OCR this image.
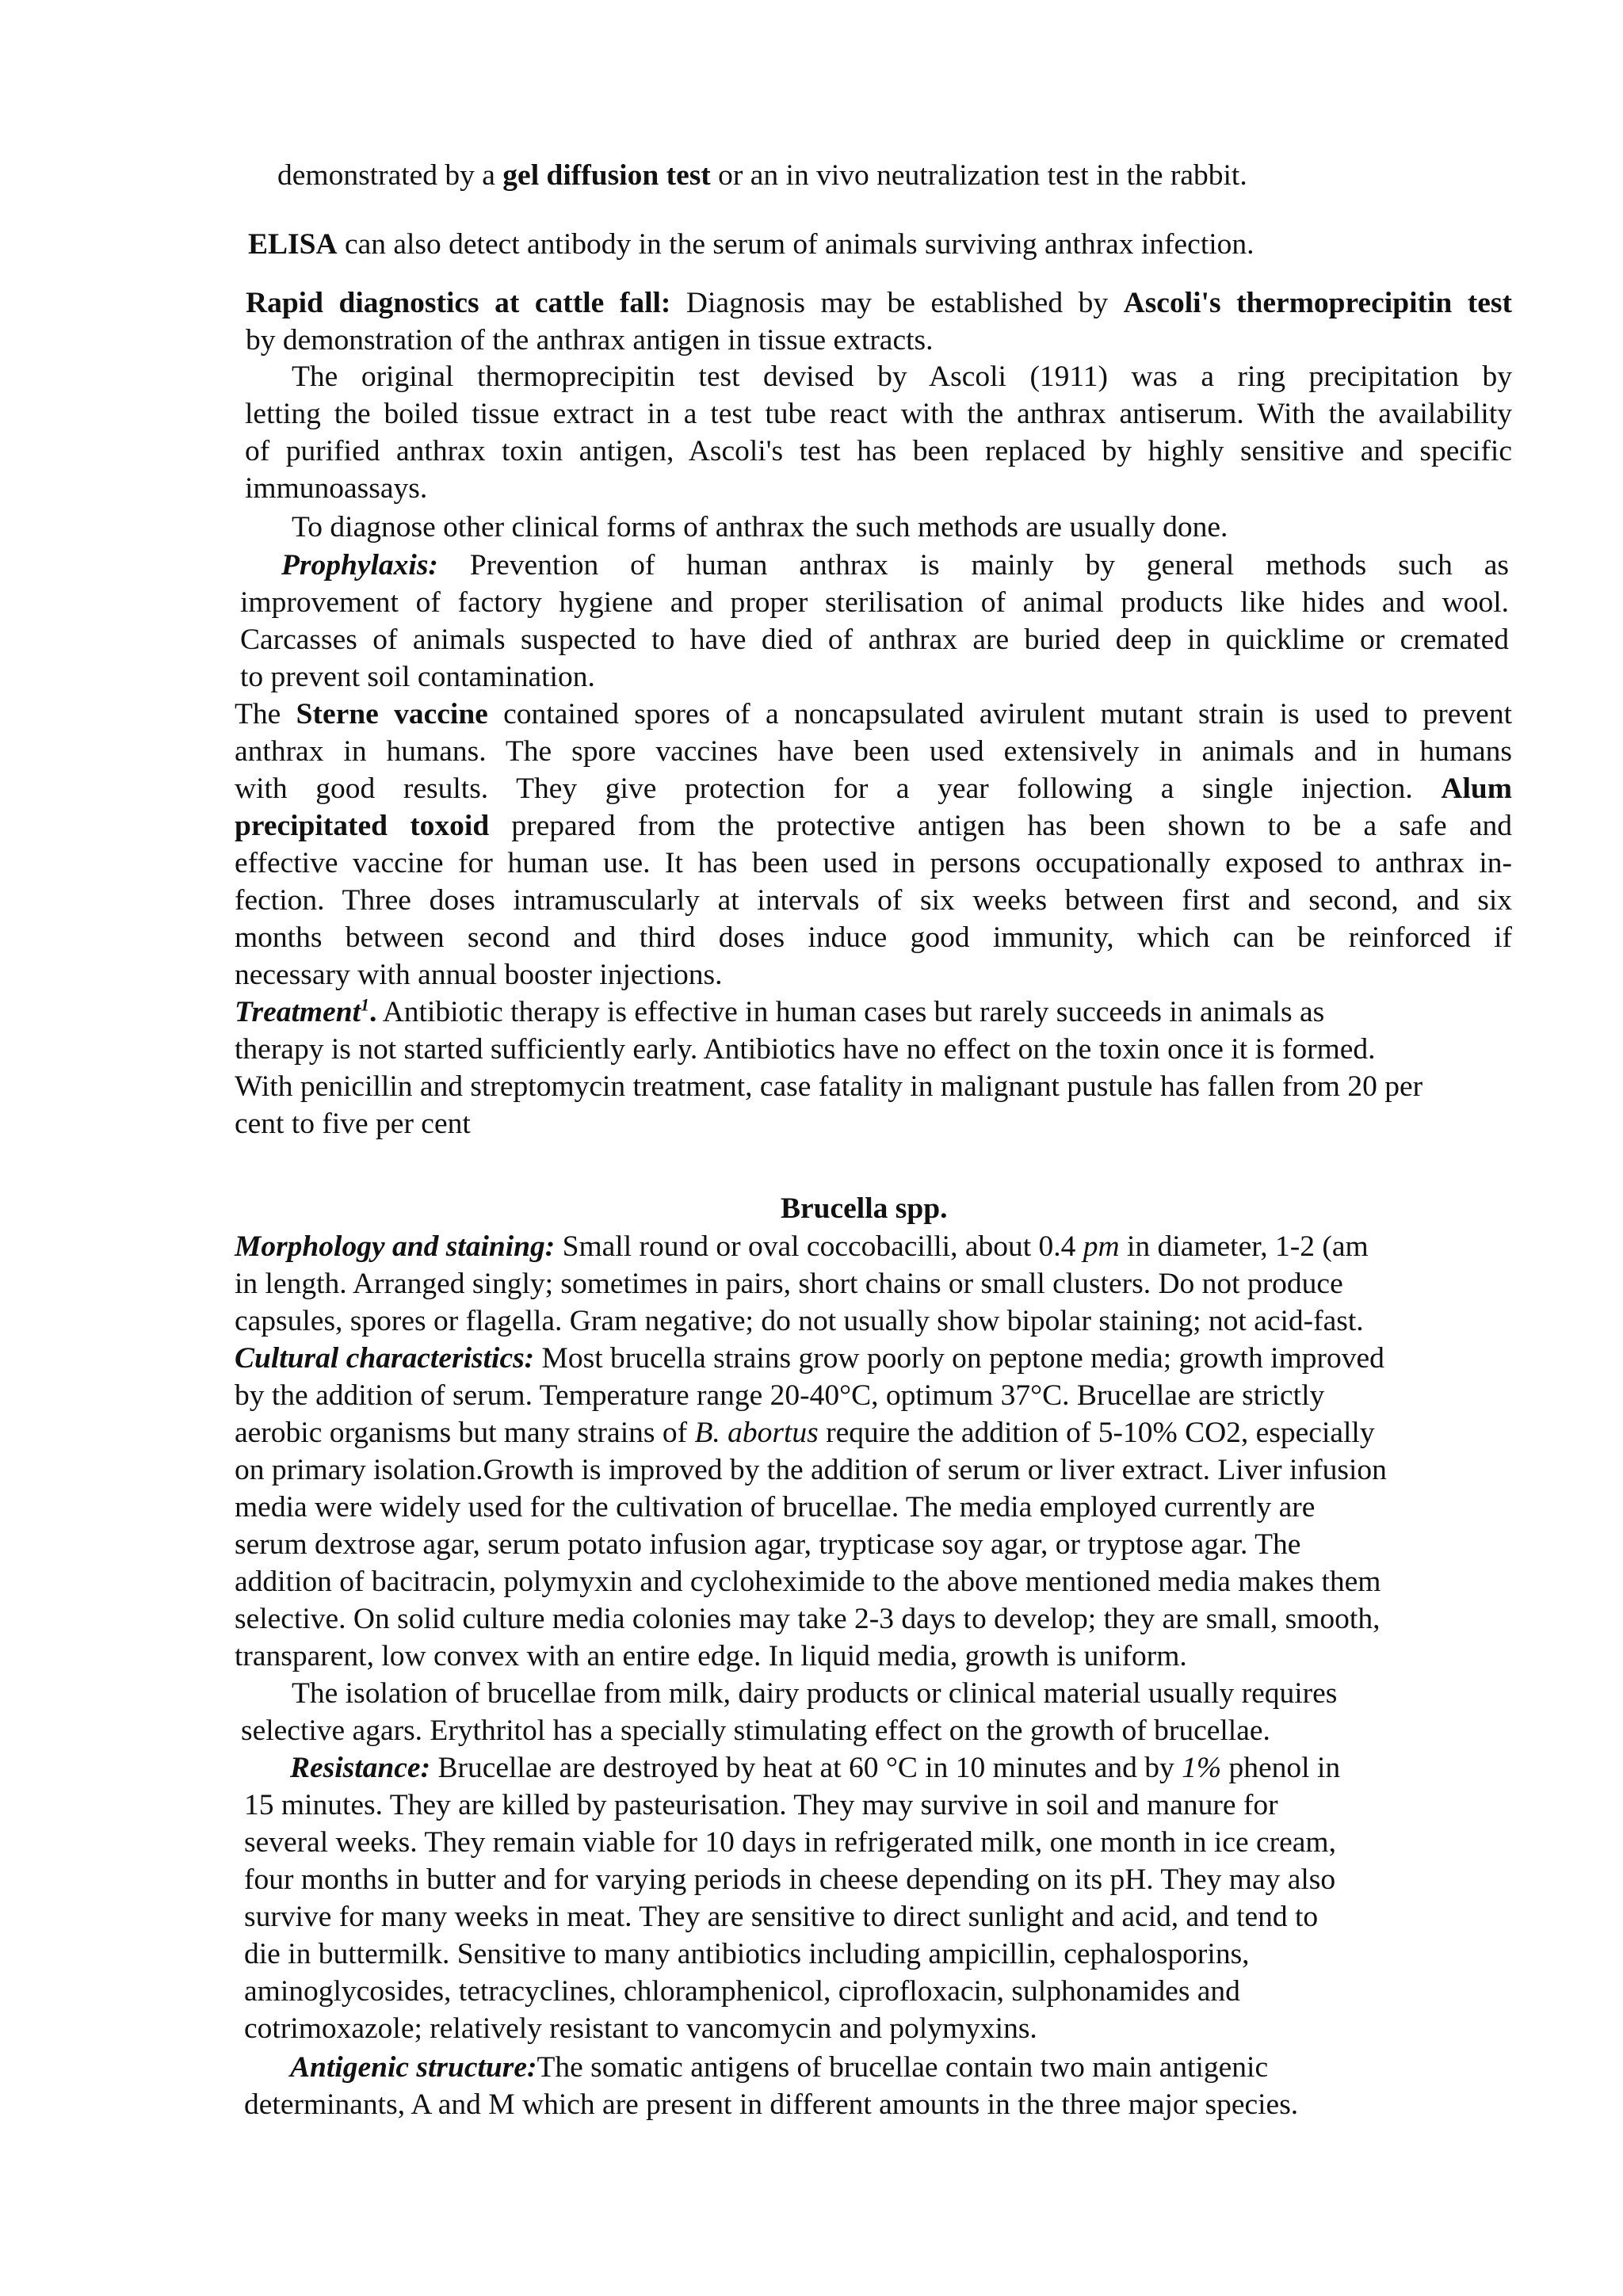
demonstrated by a gel diffusion test or an in vivo neutralization test in the rabbit.

ELISA can also detect antibody in the serum of animals surviving anthrax infection.

Rapid diagnostics at cattle fall: Diagnosis may be established by Ascoli's thermoprecipitin test

by demonstration of the anthrax antigen in tissue extracts.

The original thermoprecipitin test devised by Ascoli (1911) was a ring precipitation by

letting the boiled tissue extract in a test tube react with the anthrax antiserum. With the availability

of purified anthrax toxin antigen, Ascoli's test has been replaced by highly sensitive and specific

immunoassays.

To diagnose other clinical forms of anthrax the such methods are usually done.

Prophylaxis: Prevention of human anthrax is mainly by general methods such as

improvement of factory hygiene and proper sterilisation of animal products like hides and wool.

Carcasses of animals suspected to have died of anthrax are buried deep in quicklime or cremated

to prevent soil contamination.

The Sterne vaccine contained spores of a noncapsulated avirulent mutant strain is used to prevent

anthrax in humans. The spore vaccines have been used extensively in animals and in humans

with good results. They give protection for a year following a single injection. Alum

precipitated toxoid prepared from the protective antigen has been shown to be a safe and

effective vaccine for human use. It has been used in persons occupationally exposed to anthrax in-

fection. Three doses intramuscularly at intervals of six weeks between first and second, and six

months between second and third doses induce good immunity, which can be reinforced if

necessary with annual booster injections.

Treatment$^1$. Antibiotic therapy is effective in human cases but rarely succeeds in animals as

therapy is not started sufficiently early. Antibiotics have no effect on the toxin once it is formed.

With penicillin and streptomycin treatment, case fatality in malignant pustule has fallen from 20 per

cent to five per cent

Brucella spp.

Morphology and staining: Small round or oval coccobacilli, about 0.4 pm in diameter, 1-2 (am

in length. Arranged singly; sometimes in pairs, short chains or small clusters. Do not produce

capsules, spores or flagella. Gram negative; do not usually show bipolar staining; not acid-fast.

Cultural characteristics: Most brucella strains grow poorly on peptone media; growth improved

by the addition of serum. Temperature range 20-40°C, optimum 37°C. Brucellae are strictly

aerobic organisms but many strains of B. abortus require the addition of 5-10% CO2, especially

on primary isolation.Growth is improved by the addition of serum or liver extract. Liver infusion

media were widely used for the cultivation of brucellae. The media employed currently are

serum dextrose agar, serum potato infusion agar, trypticase soy agar, or tryptose agar. The

addition of bacitracin, polymyxin and cycloheximide to the above mentioned media makes them

selective. On solid culture media colonies may take 2-3 days to develop; they are small, smooth,

transparent, low convex with an entire edge. In liquid media, growth is uniform.

The isolation of brucellae from milk, dairy products or clinical material usually requires

selective agars. Erythritol has a specially stimulating effect on the growth of brucellae.

Resistance: Brucellae are destroyed by heat at 60 °C in 10 minutes and by 1% phenol in

15 minutes. They are killed by pasteurisation. They may survive in soil and manure for

several weeks. They remain viable for 10 days in refrigerated milk, one month in ice cream,

four months in butter and for varying periods in cheese depending on its pH. They may also

survive for many weeks in meat. They are sensitive to direct sunlight and acid, and tend to

die in buttermilk. Sensitive to many antibiotics including ampicillin, cephalosporins,

aminoglycosides, tetracyclines, chloramphenicol, ciprofloxacin, sulphonamides and

cotrimoxazole; relatively resistant to vancomycin and polymyxins.

Antigenic structure:The somatic antigens of brucellae contain two main antigenic

determinants, A and M which are present in different amounts in the three major species.
